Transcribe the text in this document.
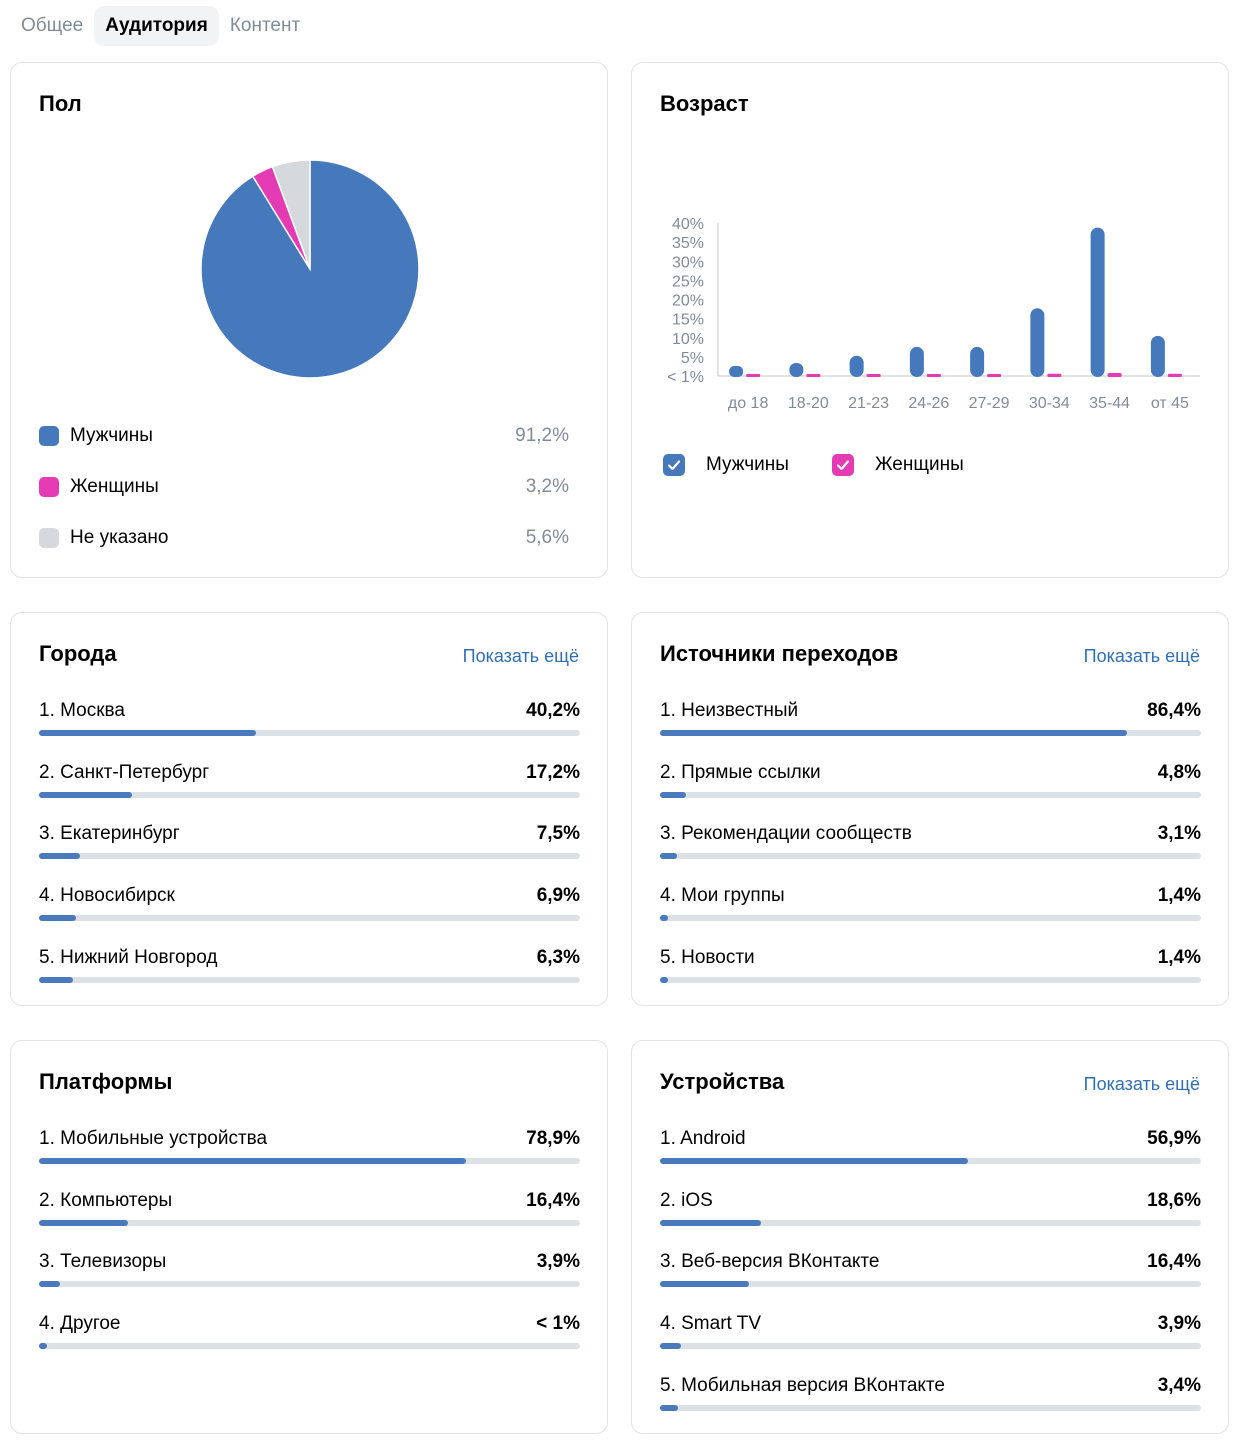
Общее	Аудитория	Контент
Пол
Мужчины	91,2%
Женщины	3,2%
Не указано	5,6%
Возраст
< 1%
5%
10%
15%
20%
25%
30%
35%
40%
до 18 18-20 21-23 24-26 27-29 30-34 35-44 от 45
Мужчины	Женщины
Города	Показать ещё
1. Москва	40,2%
2. Санкт-Петербург	17,2%
3. Екатеринбург	7,5%
4. Новосибирск	6,9%
5. Нижний Новгород	6,3%
Источники переходов	Показать ещё
1. Неизвестный	86,4%
2. Прямые ссылки	4,8%
3. Рекомендации сообществ	3,1%
4. Мои группы	1,4%
5. Новости	1,4%
Платформы
1. Мобильные устройства	78,9%
2. Компьютеры	16,4%
3. Телевизоры	3,9%
4. Другое	< 1%
Устройства	Показать ещё
1. Android	56,9%
2. iOS	18,6%
3. Веб-версия ВКонтакте	16,4%
4. Smart TV	3,9%
5. Мобильная версия ВКонтакте	3,4%
